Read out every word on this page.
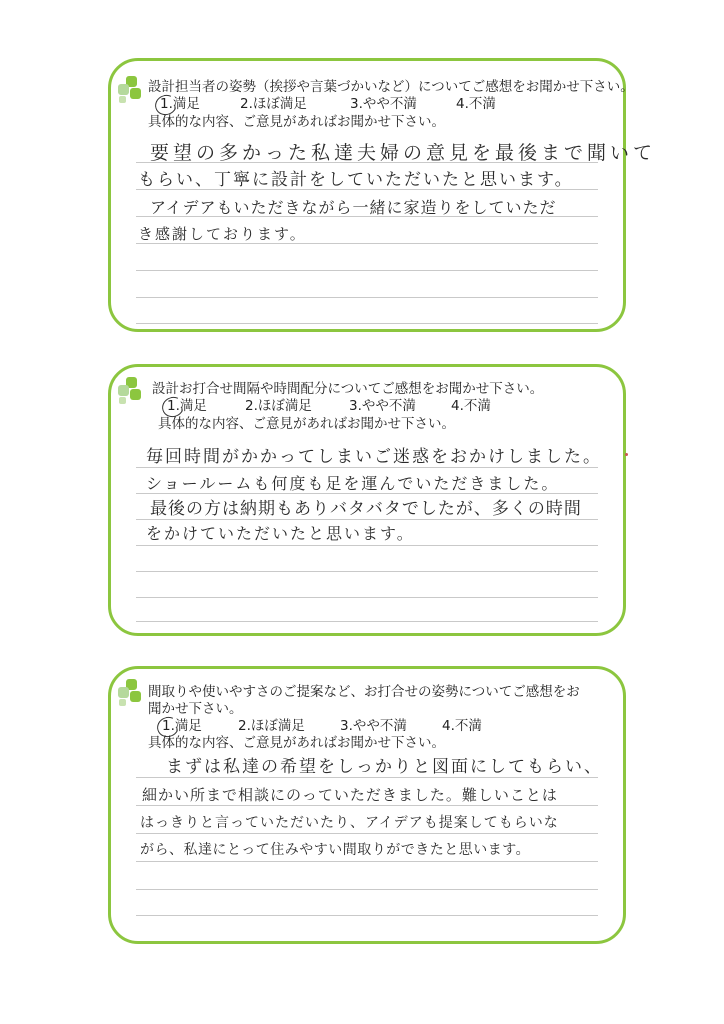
設計担当者の姿勢（挨拶や言葉づかいなど）についてご感想をお聞かせ下さい。
1.満足	2.ほぼ満足	3.やや不満	4.不満
具体的な内容、ご意見があればお聞かせ下さい。
要望の多かった私達夫婦の意見を最後まで聞いて
もらい、丁寧に設計をしていただいたと思います。
アイデアもいただきながら一緒に家造りをしていただ
き感謝しております。
設計お打合せ間隔や時間配分についてご感想をお聞かせ下さい。
1.満足	2.ほぼ満足	3.やや不満	4.不満
具体的な内容、ご意見があればお聞かせ下さい。
毎回時間がかかってしまいご迷惑をおかけしました。
ショールームも何度も足を運んでいただきました。
最後の方は納期もありバタバタでしたが、多くの時間
をかけていただいたと思います。
間取りや使いやすさのご提案など、お打合せの姿勢についてご感想をお
聞かせ下さい。
1.満足	2.ほぼ満足	3.やや不満	4.不満
具体的な内容、ご意見があればお聞かせ下さい。
まずは私達の希望をしっかりと図面にしてもらい、
細かい所まで相談にのっていただきました。難しいことは
はっきりと言っていただいたり、アイデアも提案してもらいな
がら、私達にとって住みやすい間取りができたと思います。
